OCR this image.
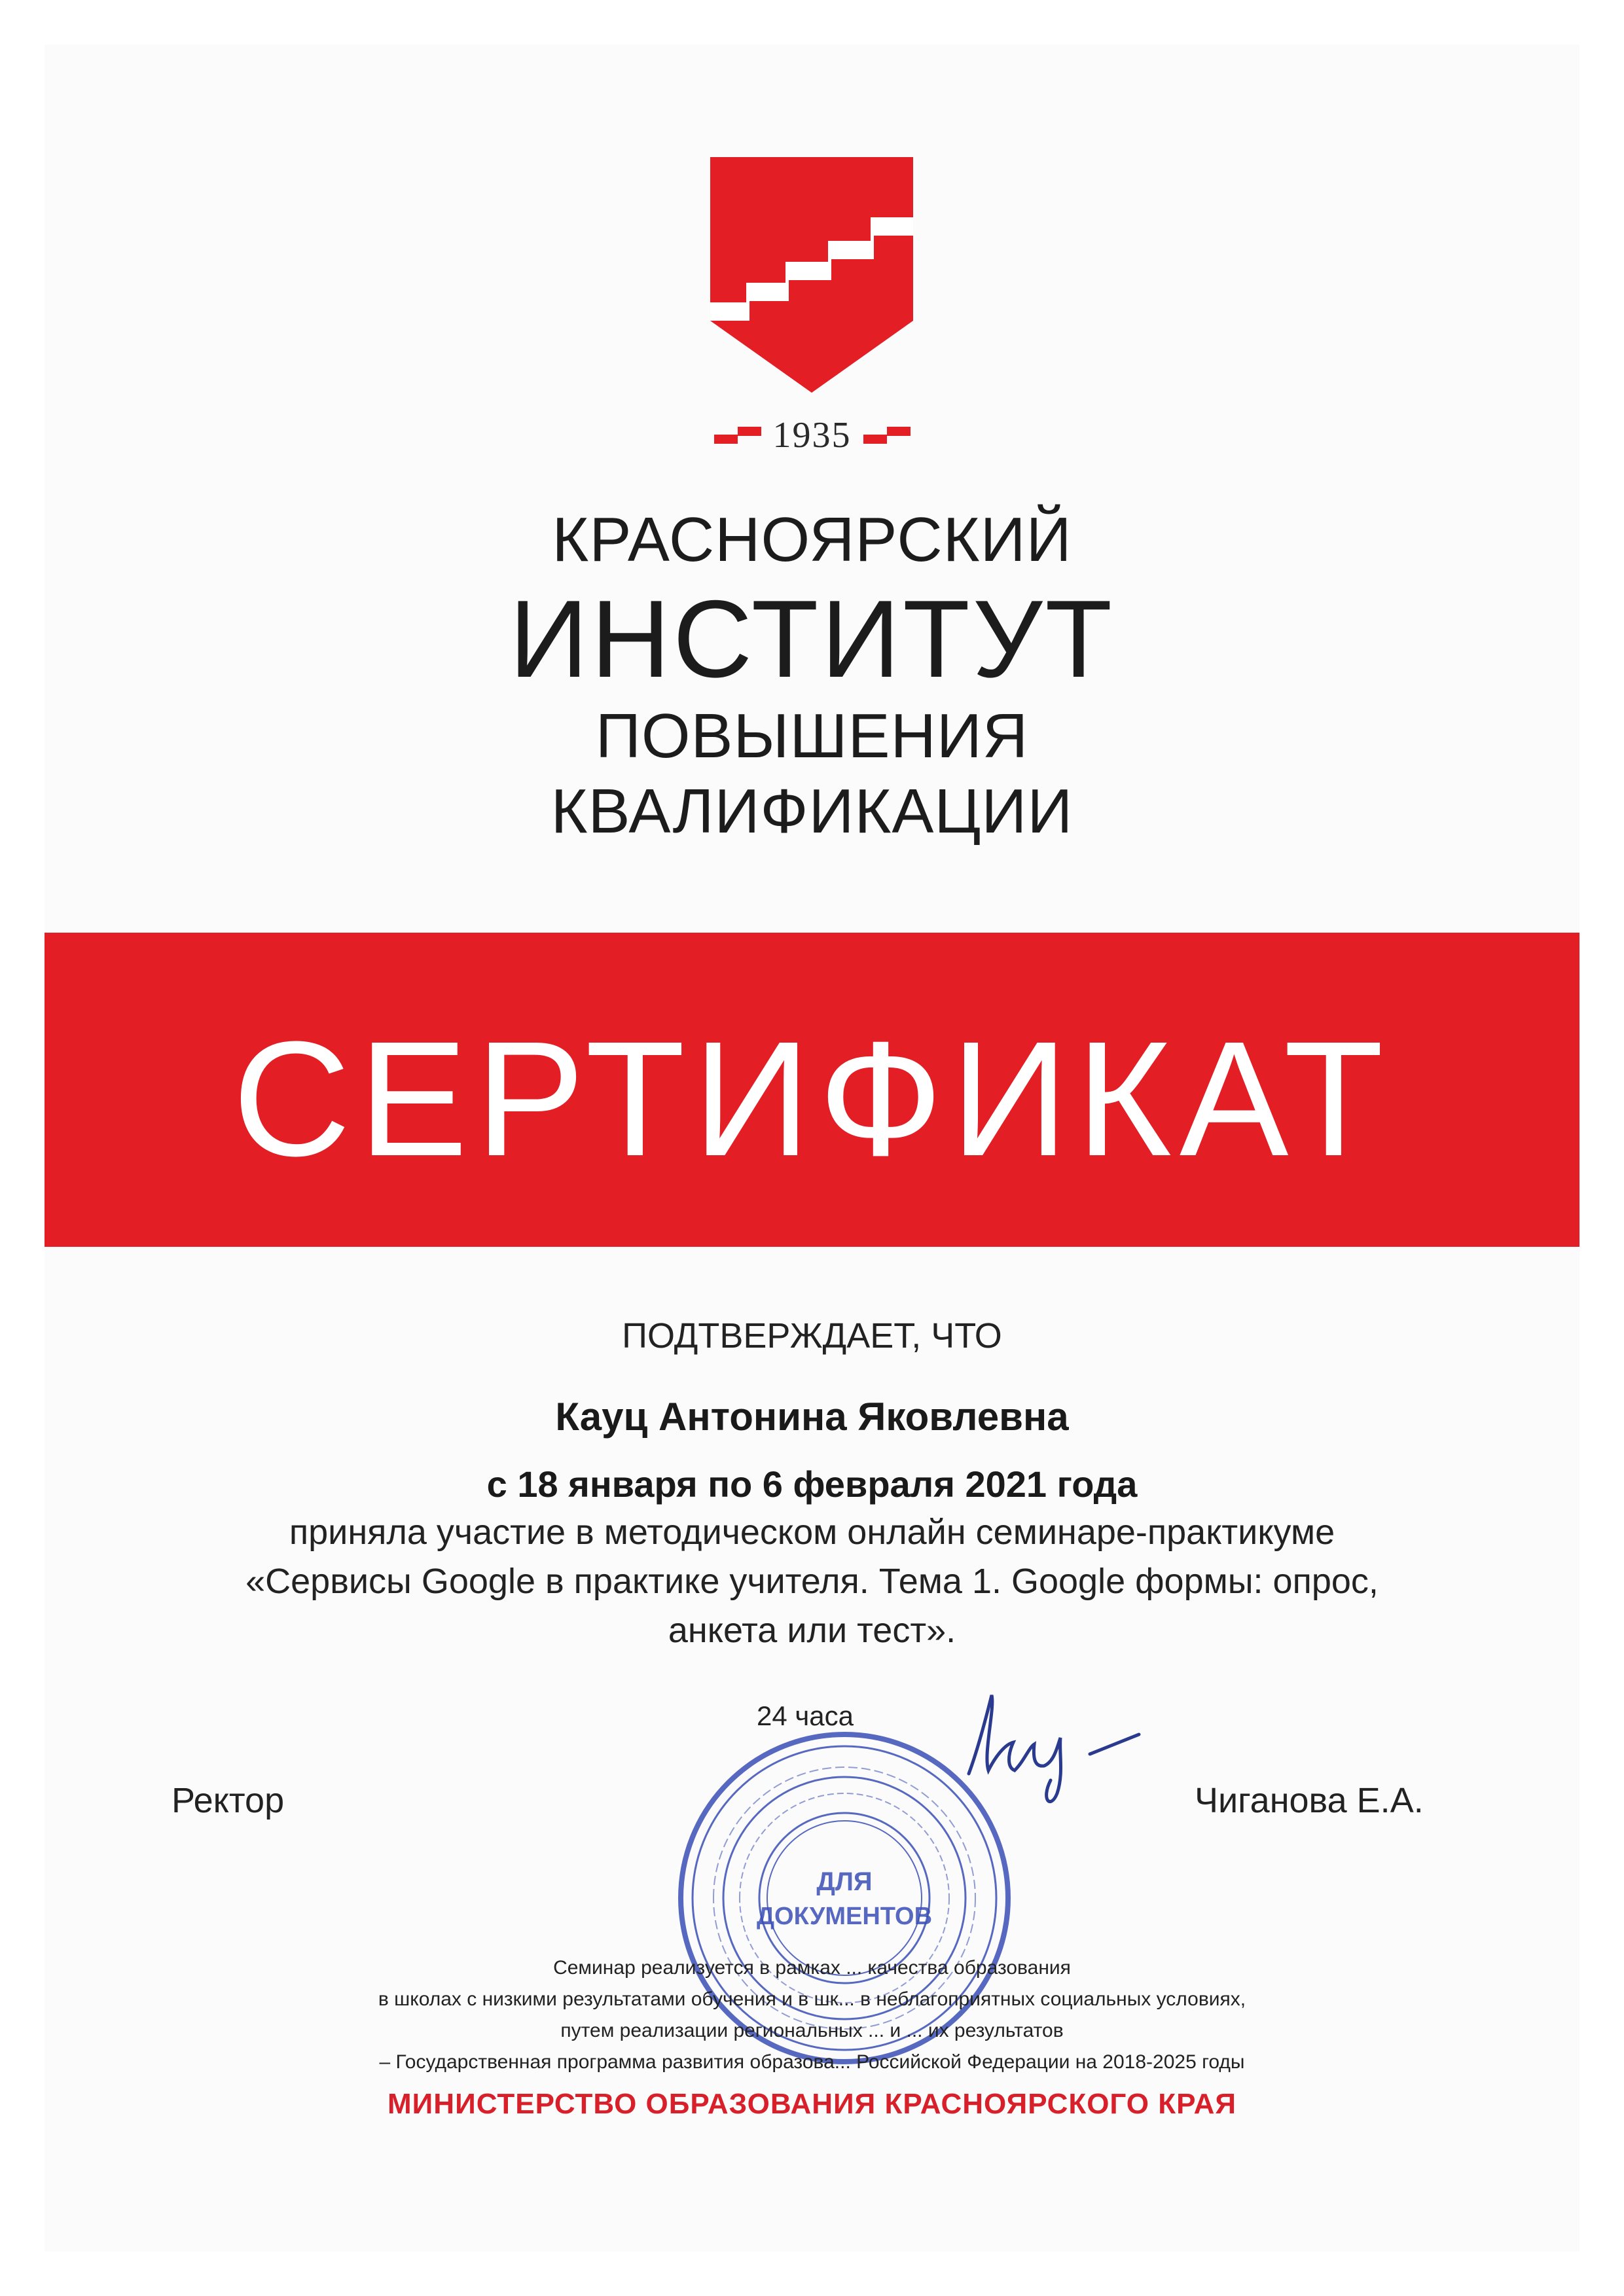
1935
КРАСНОЯРСКИЙ
ИНСТИТУТ
ПОВЫШЕНИЯ
КВАЛИФИКАЦИИ
СЕРТИФИКАТ
ПОДТВЕРЖДАЕТ, ЧТО
Кауц Антонина Яковлевна
с 18 января по 6 февраля 2021 года
приняла участие в методическом онлайн семинаре-практикуме
«Сервисы Google в практике учителя. Тема 1. Google формы: опрос,
анкета или тест».
24 часа
Ректор	Чиганова Е.А.
ДЛЯ
ДОКУМЕНТОВ
Семинар реализуется в рамках ... качества образования
в школах с низкими результатами обучения и в шк... в неблагоприятных социальных условиях,
путем реализации региональных ... и ... их результатов
– Государственная программа развития образова... Российской Федерации на 2018-2025 годы
МИНИСТЕРСТВО ОБРАЗОВАНИЯ КРАСНОЯРСКОГО КРАЯ
